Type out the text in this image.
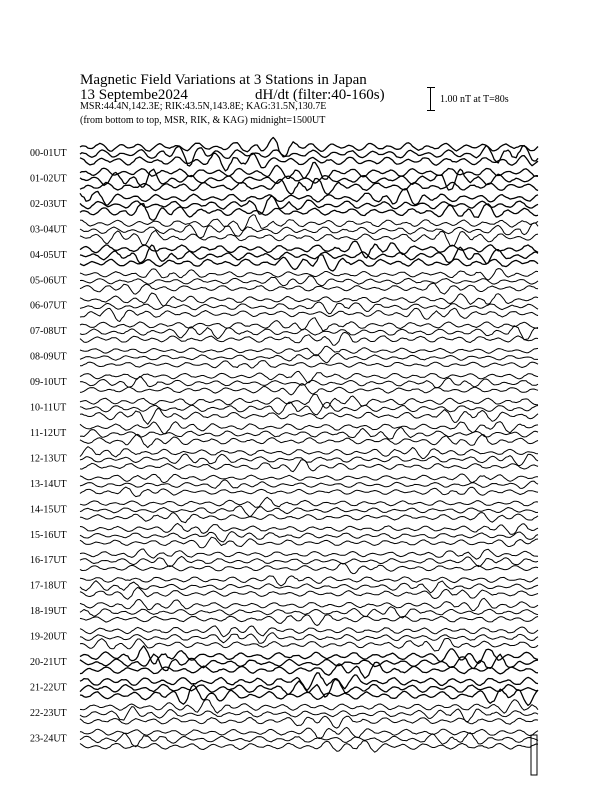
Magnetic Field Variations at 3 Stations in Japan
13 Septembe2024	dH/dt (filter:40-160s)
MSR:44.4N,142.3E; RIK:43.5N,143.8E; KAG:31.5N,130.7E
(from bottom to top, MSR, RIK, & KAG) midnight=1500UT
1.00 nT at T=80s
00-01UT
01-02UT
02-03UT
03-04UT
04-05UT
05-06UT
06-07UT
07-08UT
08-09UT
09-10UT
10-11UT
11-12UT
12-13UT
13-14UT
14-15UT
15-16UT
16-17UT
17-18UT
18-19UT
19-20UT
20-21UT
21-22UT
22-23UT
23-24UT
